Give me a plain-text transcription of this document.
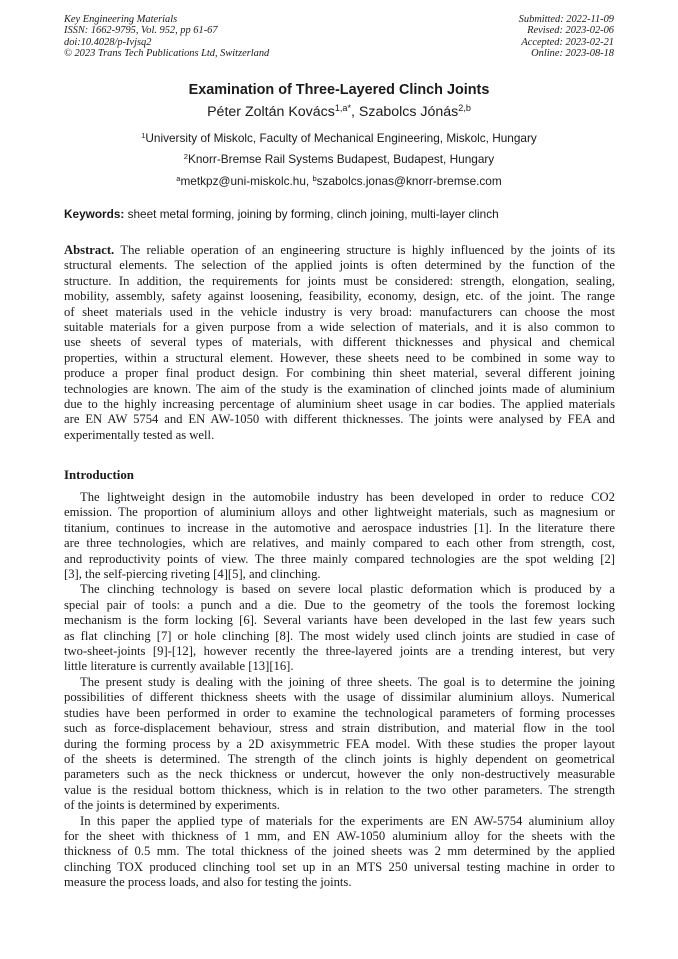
Key Engineering Materials
ISSN: 1662-9795, Vol. 952, pp 61-67
doi:10.4028/p-Ivjsq2
© 2023 Trans Tech Publications Ltd, Switzerland
Submitted: 2022-11-09
Revised: 2023-02-06
Accepted: 2023-02-21
Online: 2023-08-18
Examination of Three-Layered Clinch Joints
Péter Zoltán Kovács$^{1,a*}$, Szabolcs Jónás$^{2,b}$
$^1$University of Miskolc, Faculty of Mechanical Engineering, Miskolc, Hungary
$^2$Knorr-Bremse Rail Systems Budapest, Budapest, Hungary
$^a$metkpz@uni-miskolc.hu, $^b$szabolcs.jonas@knorr-bremse.com
Keywords: sheet metal forming, joining by forming, clinch joining, multi-layer clinch
Abstract. The reliable operation of an engineering structure is highly influenced by the joints of its
structural elements. The selection of the applied joints is often determined by the function of the
structure. In addition, the requirements for joints must be considered: strength, elongation, sealing,
mobility, assembly, safety against loosening, feasibility, economy, design, etc. of the joint. The range
of sheet materials used in the vehicle industry is very broad: manufacturers can choose the most
suitable materials for a given purpose from a wide selection of materials, and it is also common to
use sheets of several types of materials, with different thicknesses and physical and chemical
properties, within a structural element. However, these sheets need to be combined in some way to
produce a proper final product design. For combining thin sheet material, several different joining
technologies are known. The aim of the study is the examination of clinched joints made of aluminium
due to the highly increasing percentage of aluminium sheet usage in car bodies. The applied materials
are EN AW 5754 and EN AW-1050 with different thicknesses. The joints were analysed by FEA and
experimentally tested as well.
Introduction
The lightweight design in the automobile industry has been developed in order to reduce CO2
emission. The proportion of aluminium alloys and other lightweight materials, such as magnesium or
titanium, continues to increase in the automotive and aerospace industries [1]. In the literature there
are three technologies, which are relatives, and mainly compared to each other from strength, cost,
and reproductivity points of view. The three mainly compared technologies are the spot welding [2]
[3], the self-piercing riveting [4][5], and clinching.
The clinching technology is based on severe local plastic deformation which is produced by a
special pair of tools: a punch and a die. Due to the geometry of the tools the foremost locking
mechanism is the form locking [6]. Several variants have been developed in the last few years such
as flat clinching [7] or hole clinching [8]. The most widely used clinch joints are studied in case of
two-sheet-joints [9]-[12], however recently the three-layered joints are a trending interest, but very
little literature is currently available [13][16].
The present study is dealing with the joining of three sheets. The goal is to determine the joining
possibilities of different thickness sheets with the usage of dissimilar aluminium alloys. Numerical
studies have been performed in order to examine the technological parameters of forming processes
such as force-displacement behaviour, stress and strain distribution, and material flow in the tool
during the forming process by a 2D axisymmetric FEA model. With these studies the proper layout
of the sheets is determined. The strength of the clinch joints is highly dependent on geometrical
parameters such as the neck thickness or undercut, however the only non-destructively measurable
value is the residual bottom thickness, which is in relation to the two other parameters. The strength
of the joints is determined by experiments.
In this paper the applied type of materials for the experiments are EN AW-5754 aluminium alloy
for the sheet with thickness of 1 mm, and EN AW-1050 aluminium alloy for the sheets with the
thickness of 0.5 mm. The total thickness of the joined sheets was 2 mm determined by the applied
clinching TOX produced clinching tool set up in an MTS 250 universal testing machine in order to
measure the process loads, and also for testing the joints.
